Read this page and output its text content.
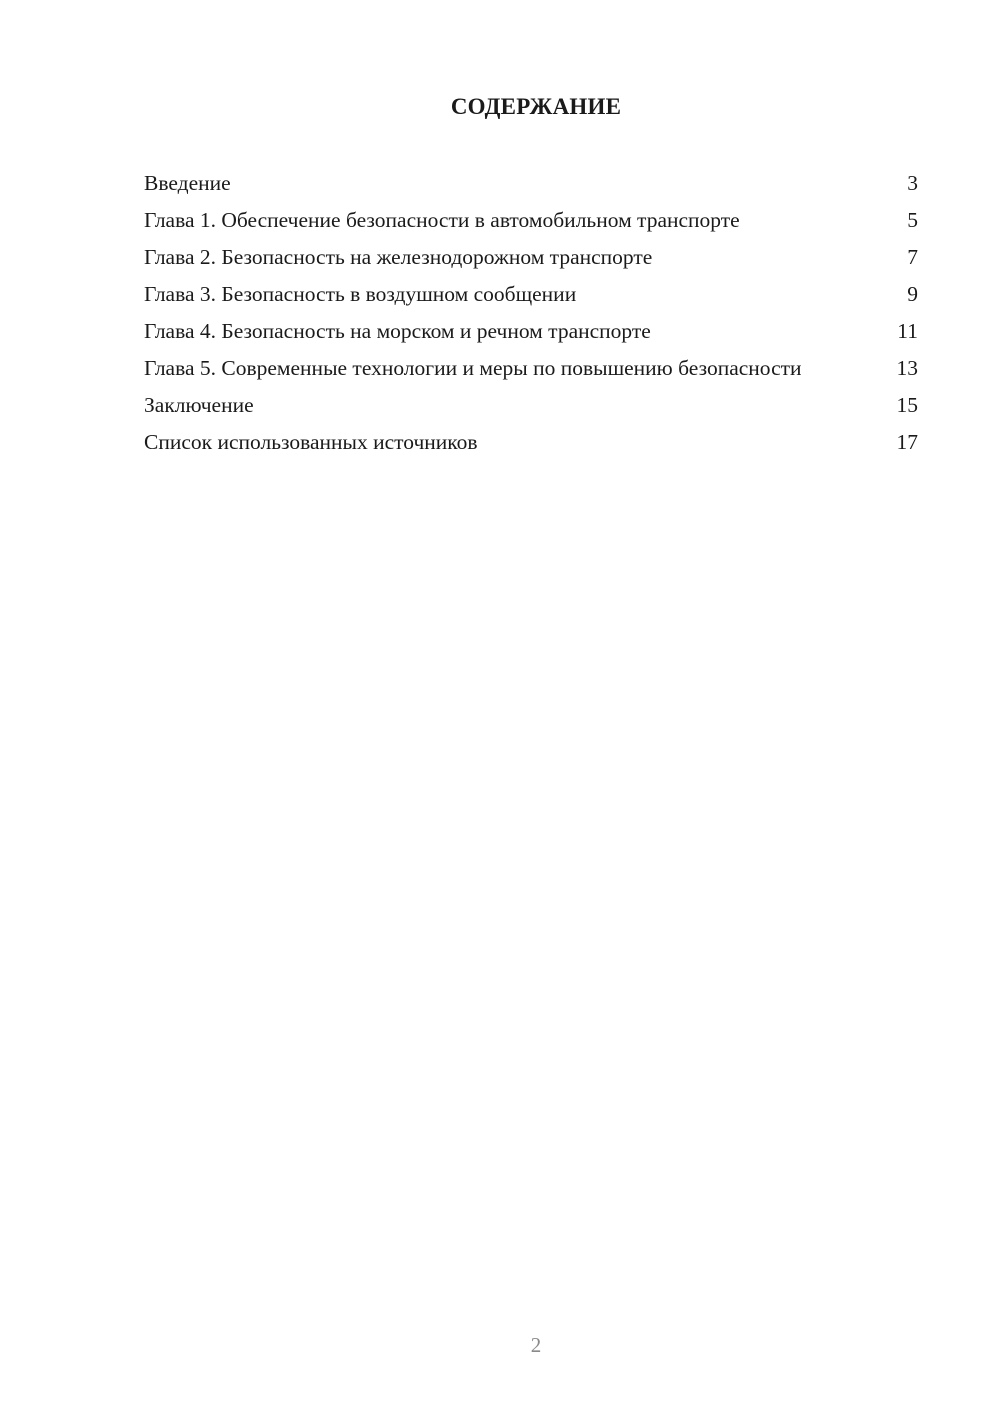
СОДЕРЖАНИЕ
Введение	3
Глава 1. Обеспечение безопасности в автомобильном транспорте	5
Глава 2. Безопасность на железнодорожном транспорте	7
Глава 3. Безопасность в воздушном сообщении	9
Глава 4. Безопасность на морском и речном транспорте	11
Глава 5. Современные технологии и меры по повышению безопасности	13
Заключение	15
Список использованных источников	17
2
